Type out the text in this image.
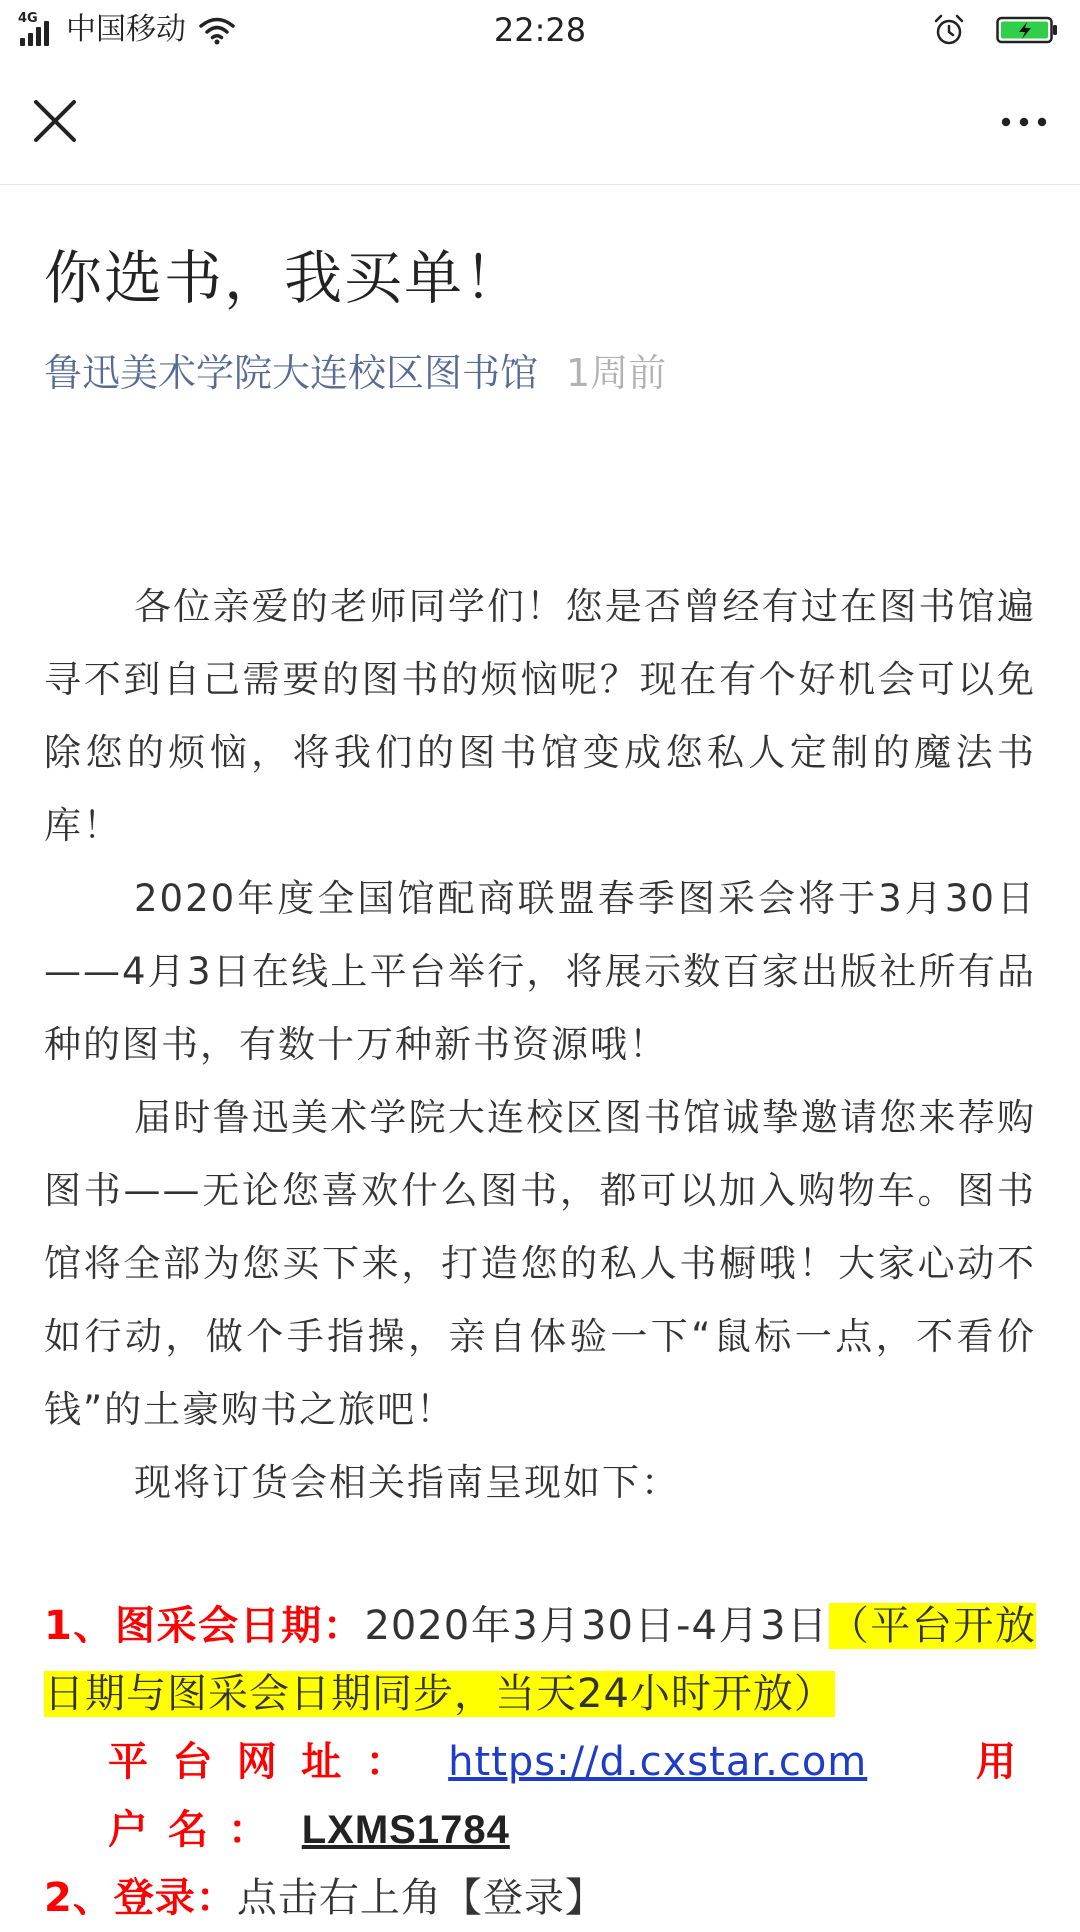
4G 中国移动	22:28
你选书，我买单！
鲁迅美术学院大连校区图书馆 1周前

各位亲爱的老师同学们！您是否曾经有过在图书馆遍寻不到自己需要的图书的烦恼呢？现在有个好机会可以免除您的烦恼，将我们的图书馆变成您私人定制的魔法书库！

2020年度全国馆配商联盟春季图采会将于3月30日——4月3日在线上平台举行，将展示数百家出版社所有品种的图书，有数十万种新书资源哦！

届时鲁迅美术学院大连校区图书馆诚挚邀请您来荐购图书——无论您喜欢什么图书，都可以加入购物车。图书馆将全部为您买下来，打造您的私人书橱哦！大家心动不如行动，做个手指操，亲自体验一下“鼠标一点，不看价钱”的土豪购书之旅吧！

现将订货会相关指南呈现如下：

1、图采会日期：2020年3月30日-4月3日（平台开放日期与图采会日期同步，当天24小时开放）

平台网址： https://d.cxstar.com	用户名： LXMS1784

2、登录：点击右上角【登录】
